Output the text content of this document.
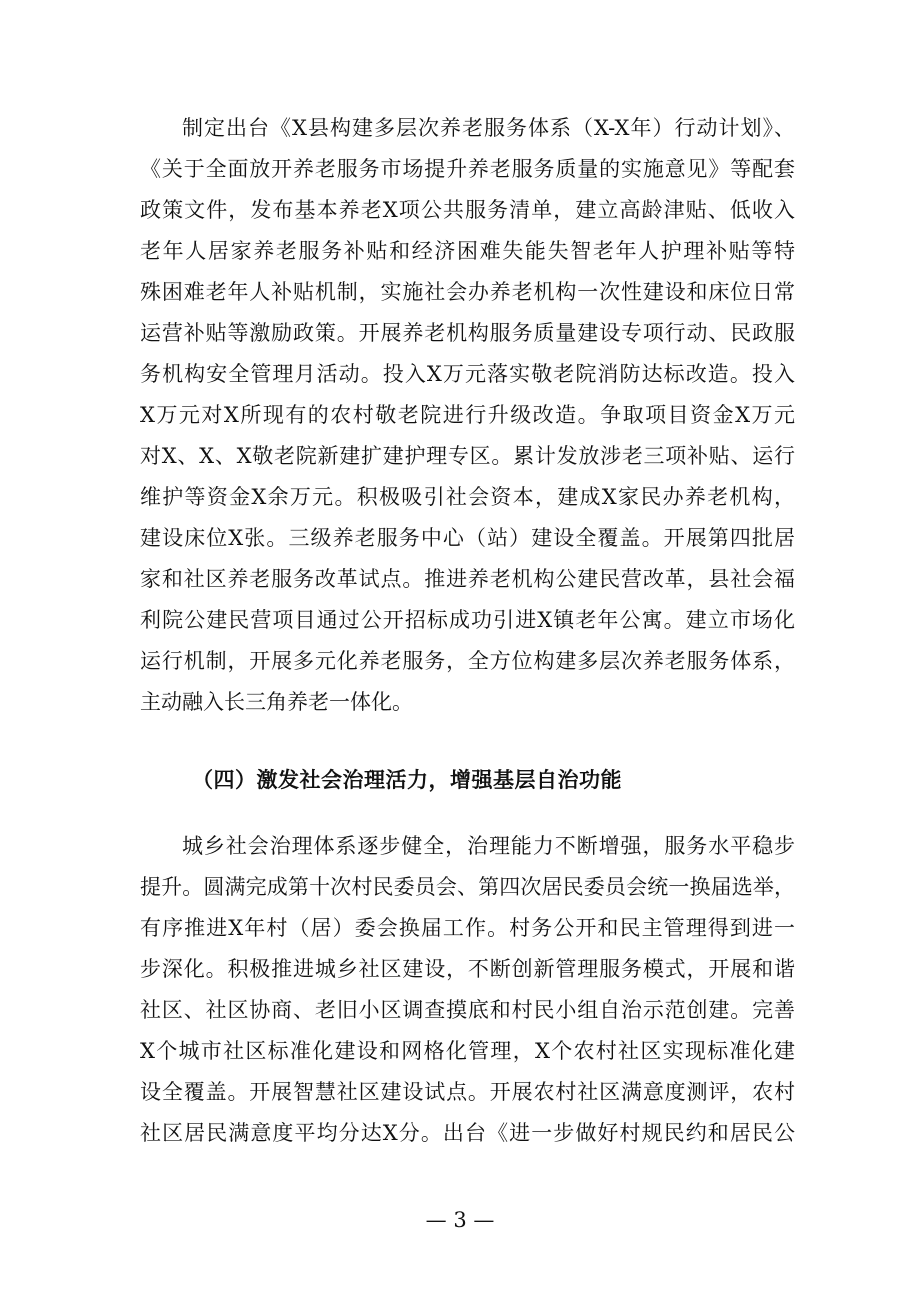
制定出台《X县构建多层次养老服务体系（X-X年）行动计划》、
《关于全面放开养老服务市场提升养老服务质量的实施意见》等配套
政策文件，发布基本养老X项公共服务清单，建立高龄津贴、低收入
老年人居家养老服务补贴和经济困难失能失智老年人护理补贴等特
殊困难老年人补贴机制，实施社会办养老机构一次性建设和床位日常
运营补贴等激励政策。开展养老机构服务质量建设专项行动、民政服
务机构安全管理月活动。投入X万元落实敬老院消防达标改造。投入
X万元对X所现有的农村敬老院进行升级改造。争取项目资金X万元
对X、X、X敬老院新建扩建护理专区。累计发放涉老三项补贴、运行
维护等资金X余万元。积极吸引社会资本，建成X家民办养老机构，
建设床位X张。三级养老服务中心（站）建设全覆盖。开展第四批居
家和社区养老服务改革试点。推进养老机构公建民营改革，县社会福
利院公建民营项目通过公开招标成功引进X镇老年公寓。建立市场化
运行机制，开展多元化养老服务，全方位构建多层次养老服务体系，
主动融入长三角养老一体化。
（四）激发社会治理活力，增强基层自治功能
城乡社会治理体系逐步健全，治理能力不断增强，服务水平稳步
提升。圆满完成第十次村民委员会、第四次居民委员会统一换届选举，
有序推进X年村（居）委会换届工作。村务公开和民主管理得到进一
步深化。积极推进城乡社区建设，不断创新管理服务模式，开展和谐
社区、社区协商、老旧小区调查摸底和村民小组自治示范创建。完善
X个城市社区标准化建设和网格化管理，X个农村社区实现标准化建
设全覆盖。开展智慧社区建设试点。开展农村社区满意度测评，农村
社区居民满意度平均分达X分。出台《进一步做好村规民约和居民公
— 3 —
